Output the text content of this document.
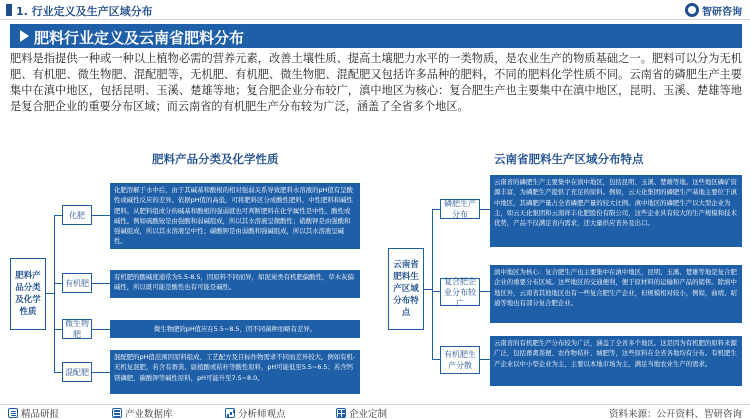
1. 行业定义及生产区域分布	智研咨询
肥料行业定义及云南省肥料分布
肥料是指提供一种或一种以上植物必需的营养元素，改善土壤性质、提高土壤肥力水平的一类物质，是农业生产的物质基础之一。肥料可以分为无机肥、有机肥、微生物肥、混配肥等，无机肥、有机肥、微生物肥、混配肥又包括许多品种的肥料，不同的肥料化学性质不同。云南省的磷肥生产主要集中在滇中地区，包括昆明、玉溪、楚雄等地；复合肥企业分布较广，滇中地区为核心：复合肥生产也主要集中在滇中地区，昆明、玉溪、楚雄等地是复合肥企业的重要分布区域；而云南省的有机肥生产分布较为广泛，涵盖了全省多个地区。
肥料产品分类及化学性质	云南省肥料生产区域分布特点
肥料产品分类及化学性质
化肥
有机肥
微生物肥
混配肥
化肥溶解于水中后，由于其碱基和酸根的相对强弱关系导致肥料水溶液的pH值有呈酸性或碱性反应的差异。依据pH值的高低，可将肥料区分成酸性肥料、中性肥料和碱性肥料。从肥料组成分的碱基和酸根的强弱就也可判断肥料在化学属性是中性、酸性或碱性。例如硫酸铵是由强酸和弱碱组成，所以其水溶液呈微酸性；硝酸钾是由强酸和强碱组成，所以其水溶液呈中性；碳酸钾是由弱酸和强碱组成，所以其水溶液呈碱性。
有机肥的酸碱度通常为5.5-8.5，因原料不同而异，如泥炭类有机肥偏酸性，草木灰偏碱性，所以既可能是酸性也有可能是碱性。
微生物肥的pH值应在5.5~8.5，因不同菌种而略有差异。
混配肥的pH值范围因原料组成、工艺配方及目标作物需求不同而差异较大。例如有机-无机复混肥，若含有畜粪、腐植酸或秸秆等酸性原料，pH可能低至5.5~6.5；若含钙镁磷肥、碳酸钾等碱性原料，pH可能升至7.5~8.0。
云南省肥料生产区域分布特点
磷肥生产分布
复合肥企业分布较广
有机肥生产分散
云南省的磷肥生产主要集中在滇中地区，包括昆明、玉溪、楚雄等地。这些地区磷矿资源丰富，为磷肥生产提供了充足的原料。例如，云天化集团的磷肥生产基地主要位于滇中地区，其磷肥产量占全省磷肥产量的较大比例。滇中地区的磷肥生产以大型企业为主，如云天化集团和云南祥丰化肥股份有限公司，这些企业具有较大的生产规模和技术优势，产品不仅满足省内需求，还大量供应省外及出口。
滇中地区为核心：复合肥生产也主要集中在滇中地区，昆明、玉溪、楚雄等地是复合肥企业的重要分布区域。这些地区的交通便利，便于原材料的运输和产品的销售。除滇中地区外，云南省其他地区也有一些复合肥生产企业，但规模相对较小，例如，曲靖、昭通等地也有部分复合肥企业。
云南省的有机肥生产分布较为广泛，涵盖了全省多个地区。这是因为有机肥的原料来源广泛，包括畜禽粪便、农作物秸秆、城肥等，这些原料在全省各地均有分布。有机肥生产企业以中小型企业为主，主要以本地市场为主，满足当地农业生产的需求。
精品研报	产业数据库	分析师观点	企业定制	资料来源：公开资料、智研咨询
